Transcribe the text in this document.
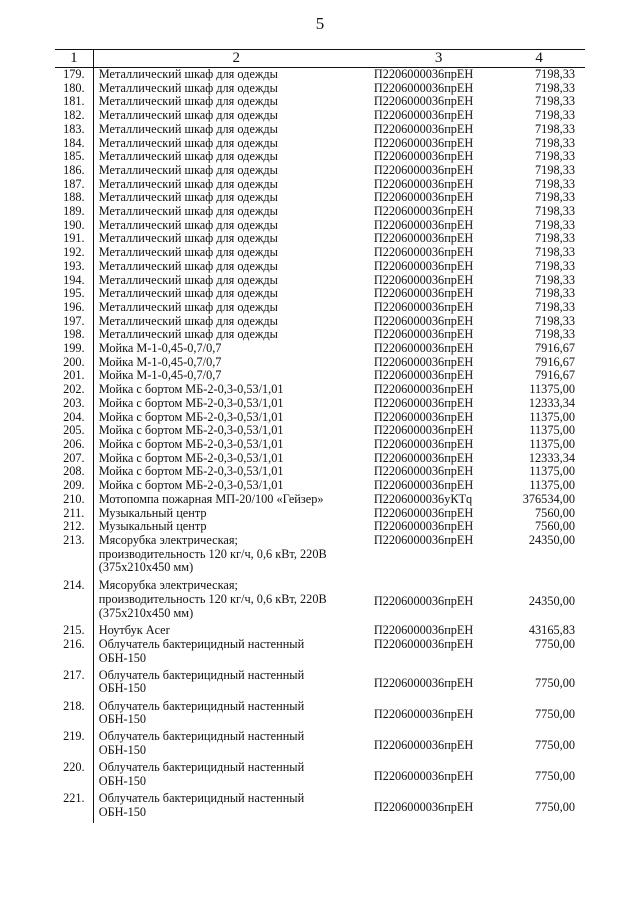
5
1	2	3	4
179.	Металлический шкаф для одежды	П2206000036прЕН	7198,33
180.	Металлический шкаф для одежды	П2206000036прЕН	7198,33
181.	Металлический шкаф для одежды	П2206000036прЕН	7198,33
182.	Металлический шкаф для одежды	П2206000036прЕН	7198,33
183.	Металлический шкаф для одежды	П2206000036прЕН	7198,33
184.	Металлический шкаф для одежды	П2206000036прЕН	7198,33
185.	Металлический шкаф для одежды	П2206000036прЕН	7198,33
186.	Металлический шкаф для одежды	П2206000036прЕН	7198,33
187.	Металлический шкаф для одежды	П2206000036прЕН	7198,33
188.	Металлический шкаф для одежды	П2206000036прЕН	7198,33
189.	Металлический шкаф для одежды	П2206000036прЕН	7198,33
190.	Металлический шкаф для одежды	П2206000036прЕН	7198,33
191.	Металлический шкаф для одежды	П2206000036прЕН	7198,33
192.	Металлический шкаф для одежды	П2206000036прЕН	7198,33
193.	Металлический шкаф для одежды	П2206000036прЕН	7198,33
194.	Металлический шкаф для одежды	П2206000036прЕН	7198,33
195.	Металлический шкаф для одежды	П2206000036прЕН	7198,33
196.	Металлический шкаф для одежды	П2206000036прЕН	7198,33
197.	Металлический шкаф для одежды	П2206000036прЕН	7198,33
198.	Металлический шкаф для одежды	П2206000036прЕН	7198,33
199.	Мойка М-1-0,45-0,7/0,7	П2206000036прЕН	7916,67
200.	Мойка М-1-0,45-0,7/0,7	П2206000036прЕН	7916,67
201.	Мойка М-1-0,45-0,7/0,7	П2206000036прЕН	7916,67
202.	Мойка с бортом МБ-2-0,3-0,53/1,01	П2206000036прЕН	11375,00
203.	Мойка с бортом МБ-2-0,3-0,53/1,01	П2206000036прЕН	12333,34
204.	Мойка с бортом МБ-2-0,3-0,53/1,01	П2206000036прЕН	11375,00
205.	Мойка с бортом МБ-2-0,3-0,53/1,01	П2206000036прЕН	11375,00
206.	Мойка с бортом МБ-2-0,3-0,53/1,01	П2206000036прЕН	11375,00
207.	Мойка с бортом МБ-2-0,3-0,53/1,01	П2206000036прЕН	12333,34
208.	Мойка с бортом МБ-2-0,3-0,53/1,01	П2206000036прЕН	11375,00
209.	Мойка с бортом МБ-2-0,3-0,53/1,01	П2206000036прЕН	11375,00
210.	Мотопомпа пожарная МП-20/100 «Гейзер»	П2206000036уКTq	376534,00
211.	Музыкальный центр	П2206000036прЕН	7560,00
212.	Музыкальный центр	П2206000036прЕН	7560,00
213.	Мясорубка электрическая;
производительность 120 кг/ч, 0,6 кВт, 220В
(375х210х450 мм)	П2206000036прЕН	24350,00
214.	Мясорубка электрическая;
производительность 120 кг/ч, 0,6 кВт, 220В
(375х210х450 мм)	П2206000036прЕН	24350,00
215.	Ноутбук Acer	П2206000036прЕН	43165,83
216.	Облучатель бактерицидный настенный
ОБН-150	П2206000036прЕН	7750,00
217.	Облучатель бактерицидный настенный
ОБН-150	П2206000036прЕН	7750,00
218.	Облучатель бактерицидный настенный
ОБН-150	П2206000036прЕН	7750,00
219.	Облучатель бактерицидный настенный
ОБН-150	П2206000036прЕН	7750,00
220.	Облучатель бактерицидный настенный
ОБН-150	П2206000036прЕН	7750,00
221.	Облучатель бактерицидный настенный
ОБН-150	П2206000036прЕН	7750,00
